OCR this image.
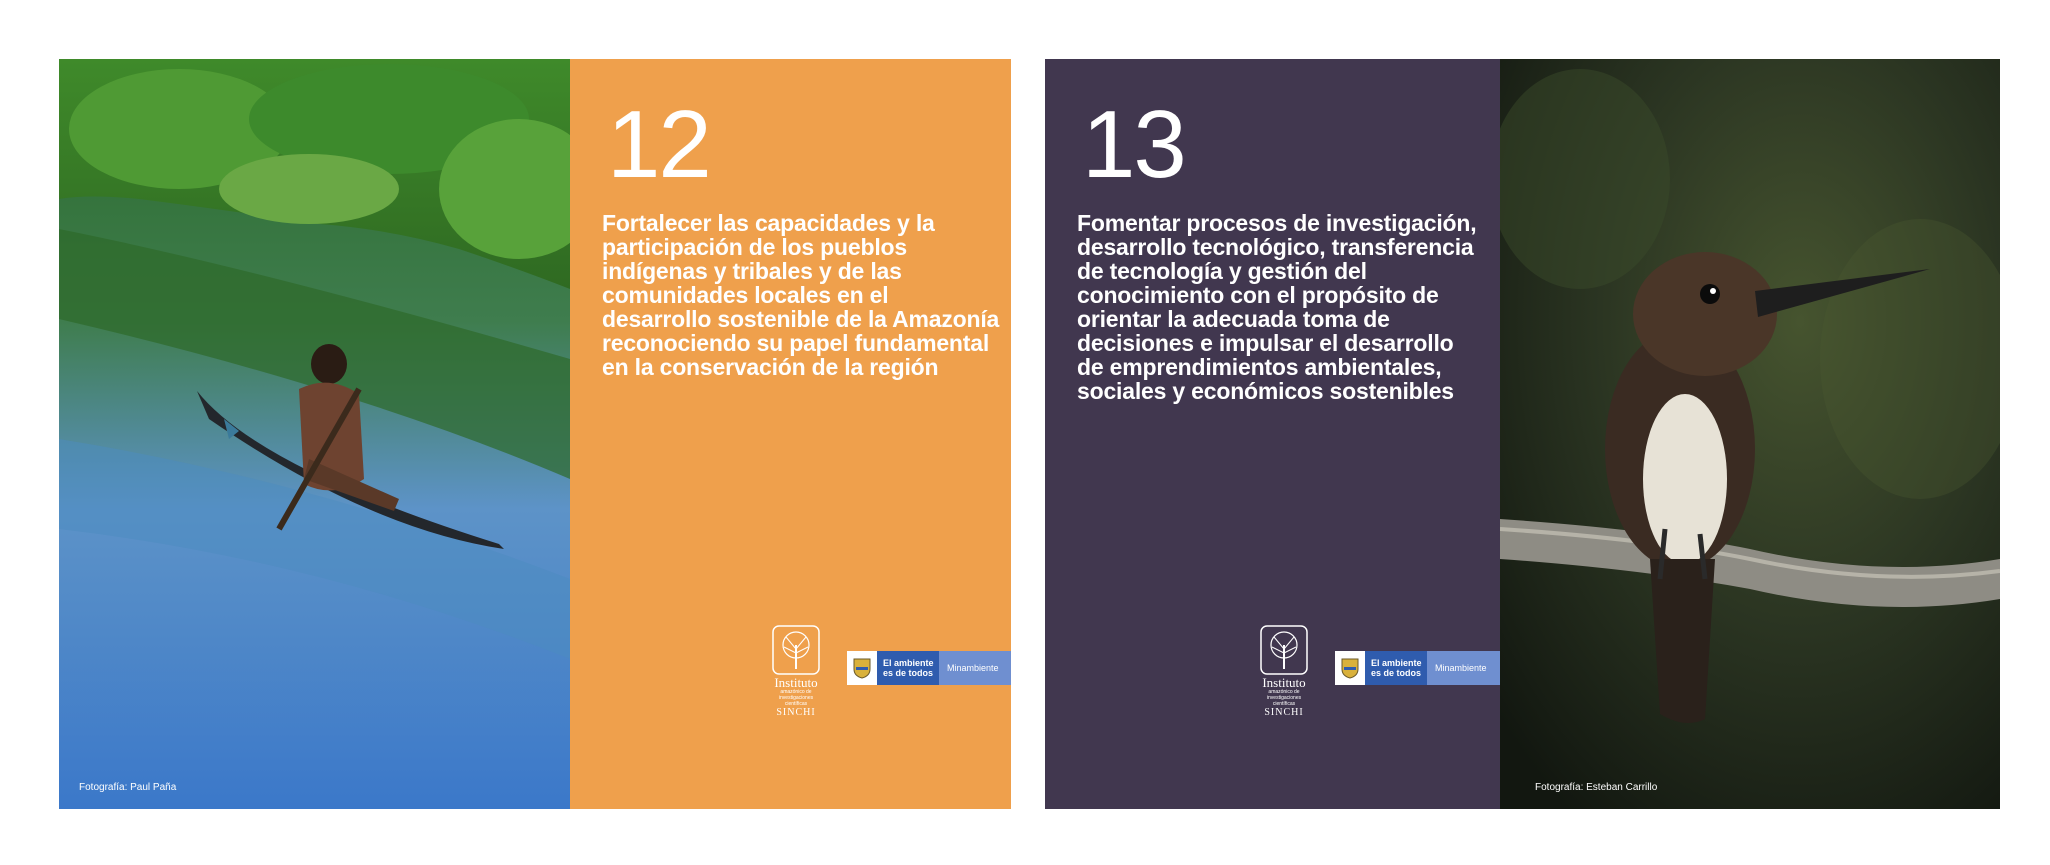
Fotografía: Paul Paña
12
Fortalecer las capacidades y la participación de los pueblos indígenas y tribales y de las comunidades locales en el desarrollo sostenible de la Amazonía reconociendo su papel fundamental en la conservación de la región
Instituto
amazónico de investigaciones científicas
SINCHI
El ambiente es de todos	Minambiente
13
Fomentar procesos de investigación, desarrollo tecnológico, transferencia de tecnología y gestión del conocimiento con el propósito de orientar la adecuada toma de decisiones e impulsar el desarrollo de emprendimientos ambientales, sociales y económicos sostenibles
Instituto
amazónico de investigaciones científicas
SINCHI
El ambiente es de todos	Minambiente
Fotografía: Esteban Carrillo
